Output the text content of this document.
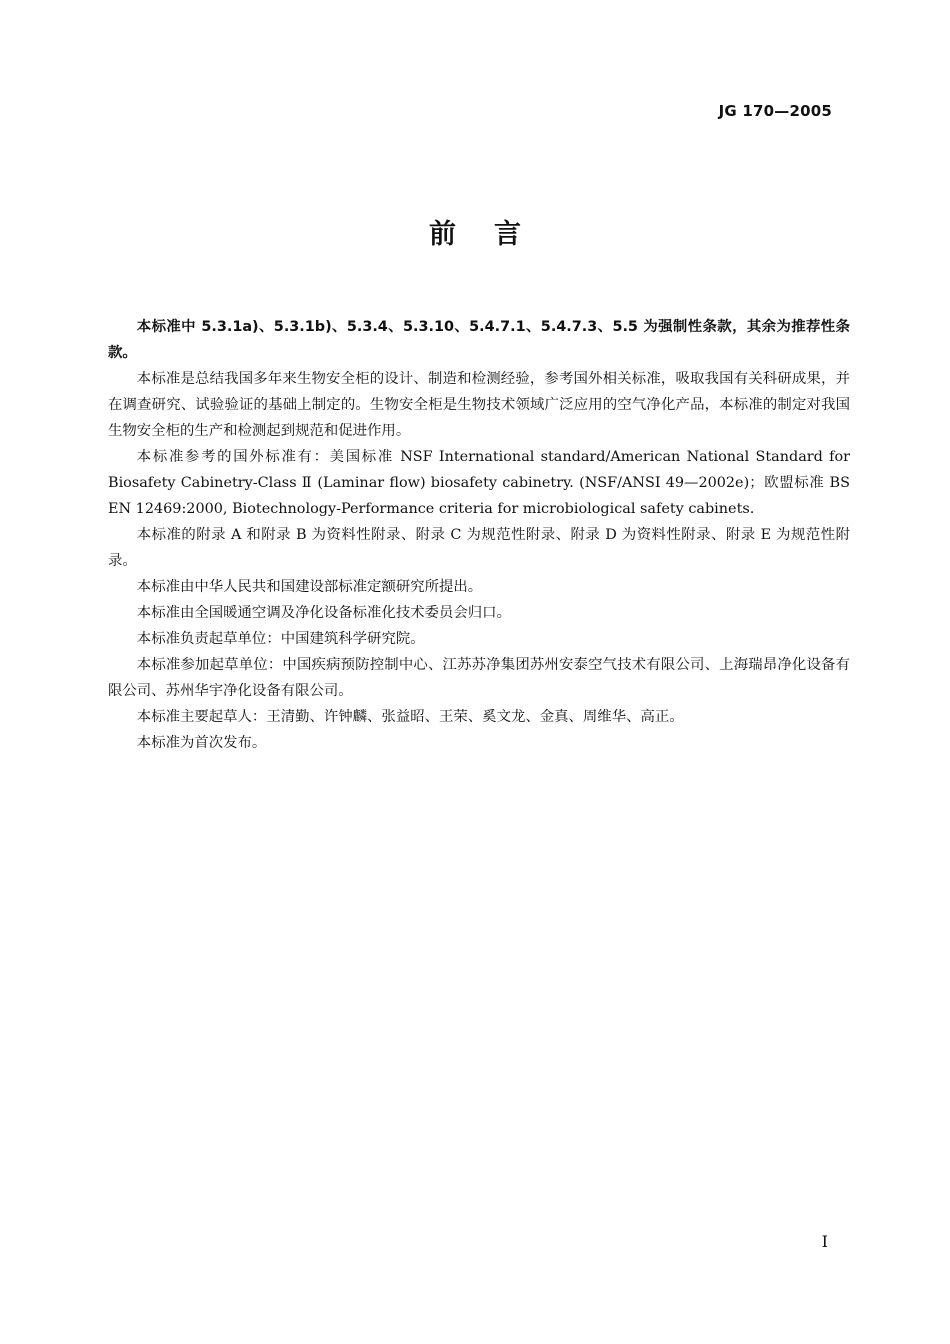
JG 170—2005
前言

本标准中 5.3.1a)、5.3.1b)、5.3.4、5.3.10、5.4.7.1、5.4.7.3、5.5 为强制性条款，其余为推荐性条款。

本标准是总结我国多年来生物安全柜的设计、制造和检测经验，参考国外相关标准，吸取我国有关科研成果，并在调查研究、试验验证的基础上制定的。生物安全柜是生物技术领域广泛应用的空气净化产品，本标准的制定对我国生物安全柜的生产和检测起到规范和促进作用。

本标准参考的国外标准有：美国标准 NSF International standard/American National Standard for Biosafety Cabinetry-Class Ⅱ (Laminar flow) biosafety cabinetry. (NSF/ANSI 49—2002e)；欧盟标准 BS EN 12469:2000, Biotechnology-Performance criteria for microbiological safety cabinets.

本标准的附录 A 和附录 B 为资料性附录、附录 C 为规范性附录、附录 D 为资料性附录、附录 E 为规范性附录。

本标准由中华人民共和国建设部标准定额研究所提出。

本标准由全国暖通空调及净化设备标准化技术委员会归口。

本标准负责起草单位：中国建筑科学研究院。

本标准参加起草单位：中国疾病预防控制中心、江苏苏净集团苏州安泰空气技术有限公司、上海瑞昂净化设备有限公司、苏州华宇净化设备有限公司。

本标准主要起草人：王清勤、许钟麟、张益昭、王荣、奚文龙、金真、周维华、高正。

本标准为首次发布。

I
